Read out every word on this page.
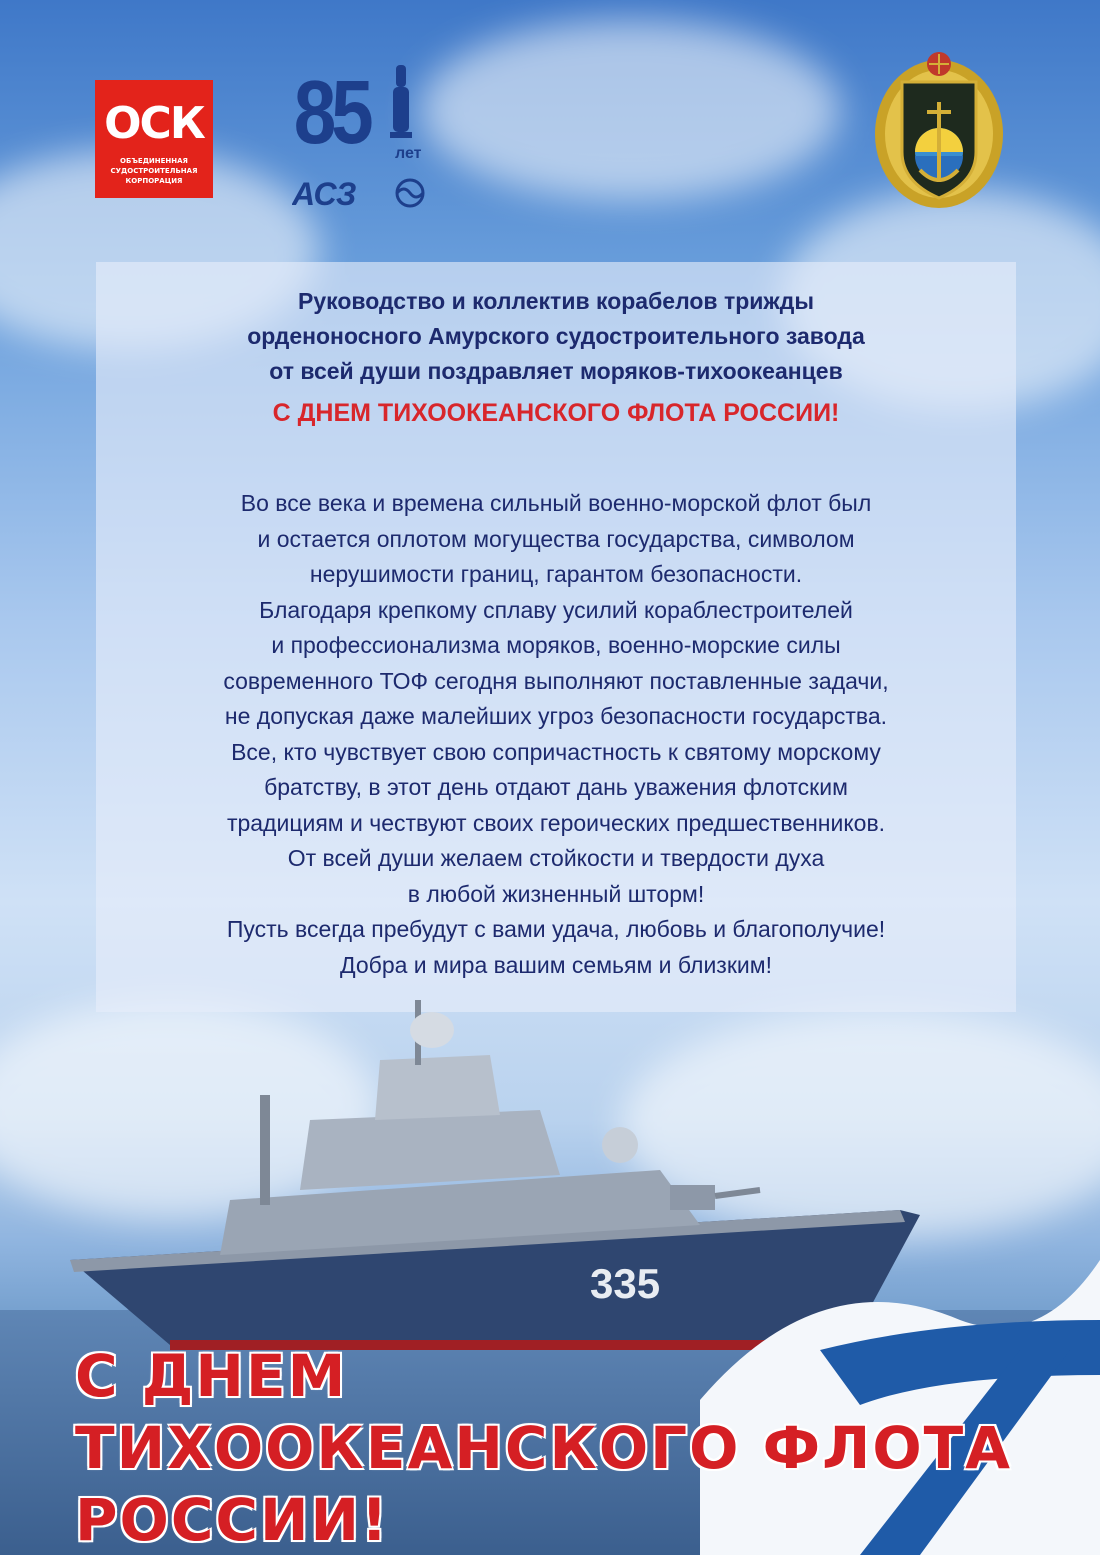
ОСК
ОБЪЕДИНЕННАЯ
СУДОСТРОИТЕЛЬНАЯ
КОРПОРАЦИЯ
85 лет
АСЗ
Руководство и коллектив корабелов трижды
орденоносного Амурского судостроительного завода
от всей души поздравляет моряков-тихоокеанцев
С ДНЕМ ТИХООКЕАНСКОГО ФЛОТА РОССИИ!
Во все века и времена сильный военно-морской флот был
и остается оплотом могущества государства, символом
нерушимости границ, гарантом безопасности.
Благодаря крепкому сплаву усилий кораблестроителей
и профессионализма моряков, военно-морские силы
современного ТОФ сегодня выполняют поставленные задачи,
не допуская даже малейших угроз безопасности государства.
Все, кто чувствует свою сопричастность к святому морскому
братству, в этот день отдают дань уважения флотским
традициям и чествуют своих героических предшественников.
От всей души желаем стойкости и твердости духа
в любой жизненный шторм!
Пусть всегда пребудут с вами удача, любовь и благополучие!
Добра и мира вашим семьям и близким!
335
С ДНЕМ
ТИХООКЕАНСКОГО ФЛОТА
РОССИИ!
